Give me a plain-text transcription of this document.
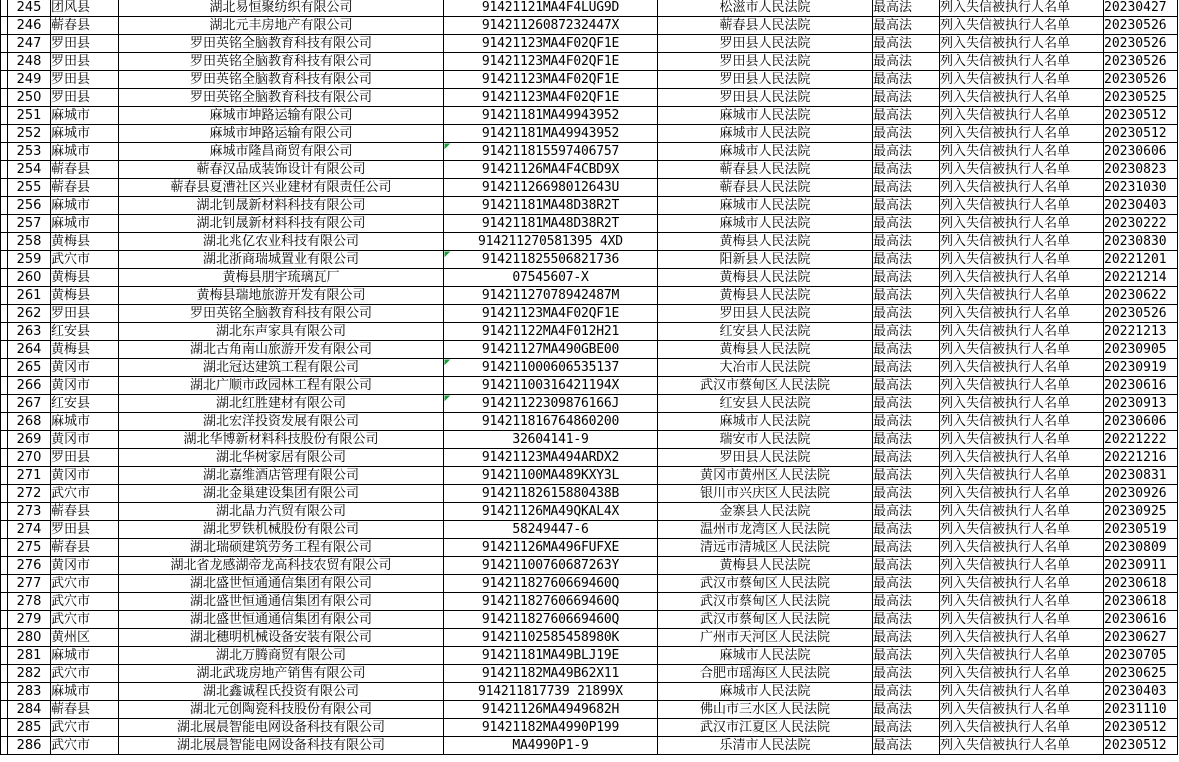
	245	团风县	湖北易恒聚纺织有限公司	91421121MA4F4LUG9D	松滋市人民法院	最高法	列入失信被执行人名单	20230427
	246	蕲春县	湖北元丰房地产有限公司	91421126087232447X	蕲春县人民法院	最高法	列入失信被执行人名单	20230526
	247	罗田县	罗田英铭全脑教育科技有限公司	91421123MA4F02QF1E	罗田县人民法院	最高法	列入失信被执行人名单	20230526
	248	罗田县	罗田英铭全脑教育科技有限公司	91421123MA4F02QF1E	罗田县人民法院	最高法	列入失信被执行人名单	20230526
	249	罗田县	罗田英铭全脑教育科技有限公司	91421123MA4F02QF1E	罗田县人民法院	最高法	列入失信被执行人名单	20230526
	250	罗田县	罗田英铭全脑教育科技有限公司	91421123MA4F02QF1E	罗田县人民法院	最高法	列入失信被执行人名单	20230525
	251	麻城市	麻城市坤路运输有限公司	91421181MA49943952	麻城市人民法院	最高法	列入失信被执行人名单	20230512
	252	麻城市	麻城市坤路运输有限公司	91421181MA49943952	麻城市人民法院	最高法	列入失信被执行人名单	20230512
	253	麻城市	麻城市隆昌商贸有限公司	914211815597406757	麻城市人民法院	最高法	列入失信被执行人名单	20230606
	254	蕲春县	蕲春汉品成装饰设计有限公司	91421126MA4F4CBD9X	蕲春县人民法院	最高法	列入失信被执行人名单	20230823
	255	蕲春县	蕲春县夏漕社区兴业建材有限责任公司	91421126698012643U	蕲春县人民法院	最高法	列入失信被执行人名单	20231030
	256	麻城市	湖北钊晟新材料科技有限公司	91421181MA48D38R2T	麻城市人民法院	最高法	列入失信被执行人名单	20230403
	257	麻城市	湖北钊晟新材料科技有限公司	91421181MA48D38R2T	麻城市人民法院	最高法	列入失信被执行人名单	20230222
	258	黄梅县	湖北兆亿农业科技有限公司	914211270581395 4XD	黄梅县人民法院	最高法	列入失信被执行人名单	20230830
	259	武穴市	湖北浙商瑞城置业有限公司	914211825506821736	阳新县人民法院	最高法	列入失信被执行人名单	20221201
	260	黄梅县	黄梅县朋宇琉璃瓦厂	07545607-X	黄梅县人民法院	最高法	列入失信被执行人名单	20221214
	261	黄梅县	黄梅县瑞地旅游开发有限公司	91421127078942487M	黄梅县人民法院	最高法	列入失信被执行人名单	20230622
	262	罗田县	罗田英铭全脑教育科技有限公司	91421123MA4F02QF1E	罗田县人民法院	最高法	列入失信被执行人名单	20230526
	263	红安县	湖北东声家具有限公司	91421122MA4F012H21	红安县人民法院	最高法	列入失信被执行人名单	20221213
	264	黄梅县	湖北古角南山旅游开发有限公司	91421127MA490GBE00	黄梅县人民法院	最高法	列入失信被执行人名单	20230905
	265	黄冈市	湖北冠达建筑工程有限公司	914211000606535137	大冶市人民法院	最高法	列入失信被执行人名单	20230919
	266	黄冈市	湖北广顺市政园林工程有限公司	91421100316421194X	武汉市蔡甸区人民法院	最高法	列入失信被执行人名单	20230616
	267	红安县	湖北红胜建材有限公司	91421122309876166J	红安县人民法院	最高法	列入失信被执行人名单	20230913
	268	麻城市	湖北宏洋投资发展有限公司	914211816764860200	麻城市人民法院	最高法	列入失信被执行人名单	20230606
	269	黄冈市	湖北华博新材料科技股份有限公司	32604141-9	瑞安市人民法院	最高法	列入失信被执行人名单	20221222
	270	罗田县	湖北华树家居有限公司	91421123MA494ARDX2	罗田县人民法院	最高法	列入失信被执行人名单	20221216
	271	黄冈市	湖北嘉维酒店管理有限公司	91421100MA489KXY3L	黄冈市黄州区人民法院	最高法	列入失信被执行人名单	20230831
	272	武穴市	湖北金巢建设集团有限公司	91421182615880438B	银川市兴庆区人民法院	最高法	列入失信被执行人名单	20230926
	273	蕲春县	湖北晶力汽贸有限公司	91421126MA49QKAL4X	金寨县人民法院	最高法	列入失信被执行人名单	20230925
	274	罗田县	湖北罗铁机械股份有限公司	58249447-6	温州市龙湾区人民法院	最高法	列入失信被执行人名单	20230519
	275	蕲春县	湖北瑞硕建筑劳务工程有限公司	91421126MA496FUFXE	清远市清城区人民法院	最高法	列入失信被执行人名单	20230809
	276	黄冈市	湖北省龙感湖帝龙高科技农贸有限公司	91421100760687263Y	黄梅县人民法院	最高法	列入失信被执行人名单	20230911
	277	武穴市	湖北盛世恒通通信集团有限公司	91421182760669460Q	武汉市蔡甸区人民法院	最高法	列入失信被执行人名单	20230618
	278	武穴市	湖北盛世恒通通信集团有限公司	91421182760669460Q	武汉市蔡甸区人民法院	最高法	列入失信被执行人名单	20230618
	279	武穴市	湖北盛世恒通通信集团有限公司	91421182760669460Q	武汉市蔡甸区人民法院	最高法	列入失信被执行人名单	20230616
	280	黄州区	湖北穗明机械设备安装有限公司	91421102585458980K	广州市天河区人民法院	最高法	列入失信被执行人名单	20230627
	281	麻城市	湖北万腾商贸有限公司	91421181MA49BLJ19E	麻城市人民法院	最高法	列入失信被执行人名单	20230705
	282	武穴市	湖北武珑房地产销售有限公司	91421182MA49B62X11	合肥市瑶海区人民法院	最高法	列入失信被执行人名单	20230625
	283	麻城市	湖北鑫诚程氏投资有限公司	914211817739 21899X	麻城市人民法院	最高法	列入失信被执行人名单	20230403
	284	蕲春县	湖北元创陶瓷科技股份有限公司	91421126MA4949682H	佛山市三水区人民法院	最高法	列入失信被执行人名单	20231110
	285	武穴市	湖北展晨智能电网设备科技有限公司	91421182MA4990P199	武汉市江夏区人民法院	最高法	列入失信被执行人名单	20230512
	286	武穴市	湖北展晨智能电网设备科技有限公司	MA4990P1-9	乐清市人民法院	最高法	列入失信被执行人名单	20230512
